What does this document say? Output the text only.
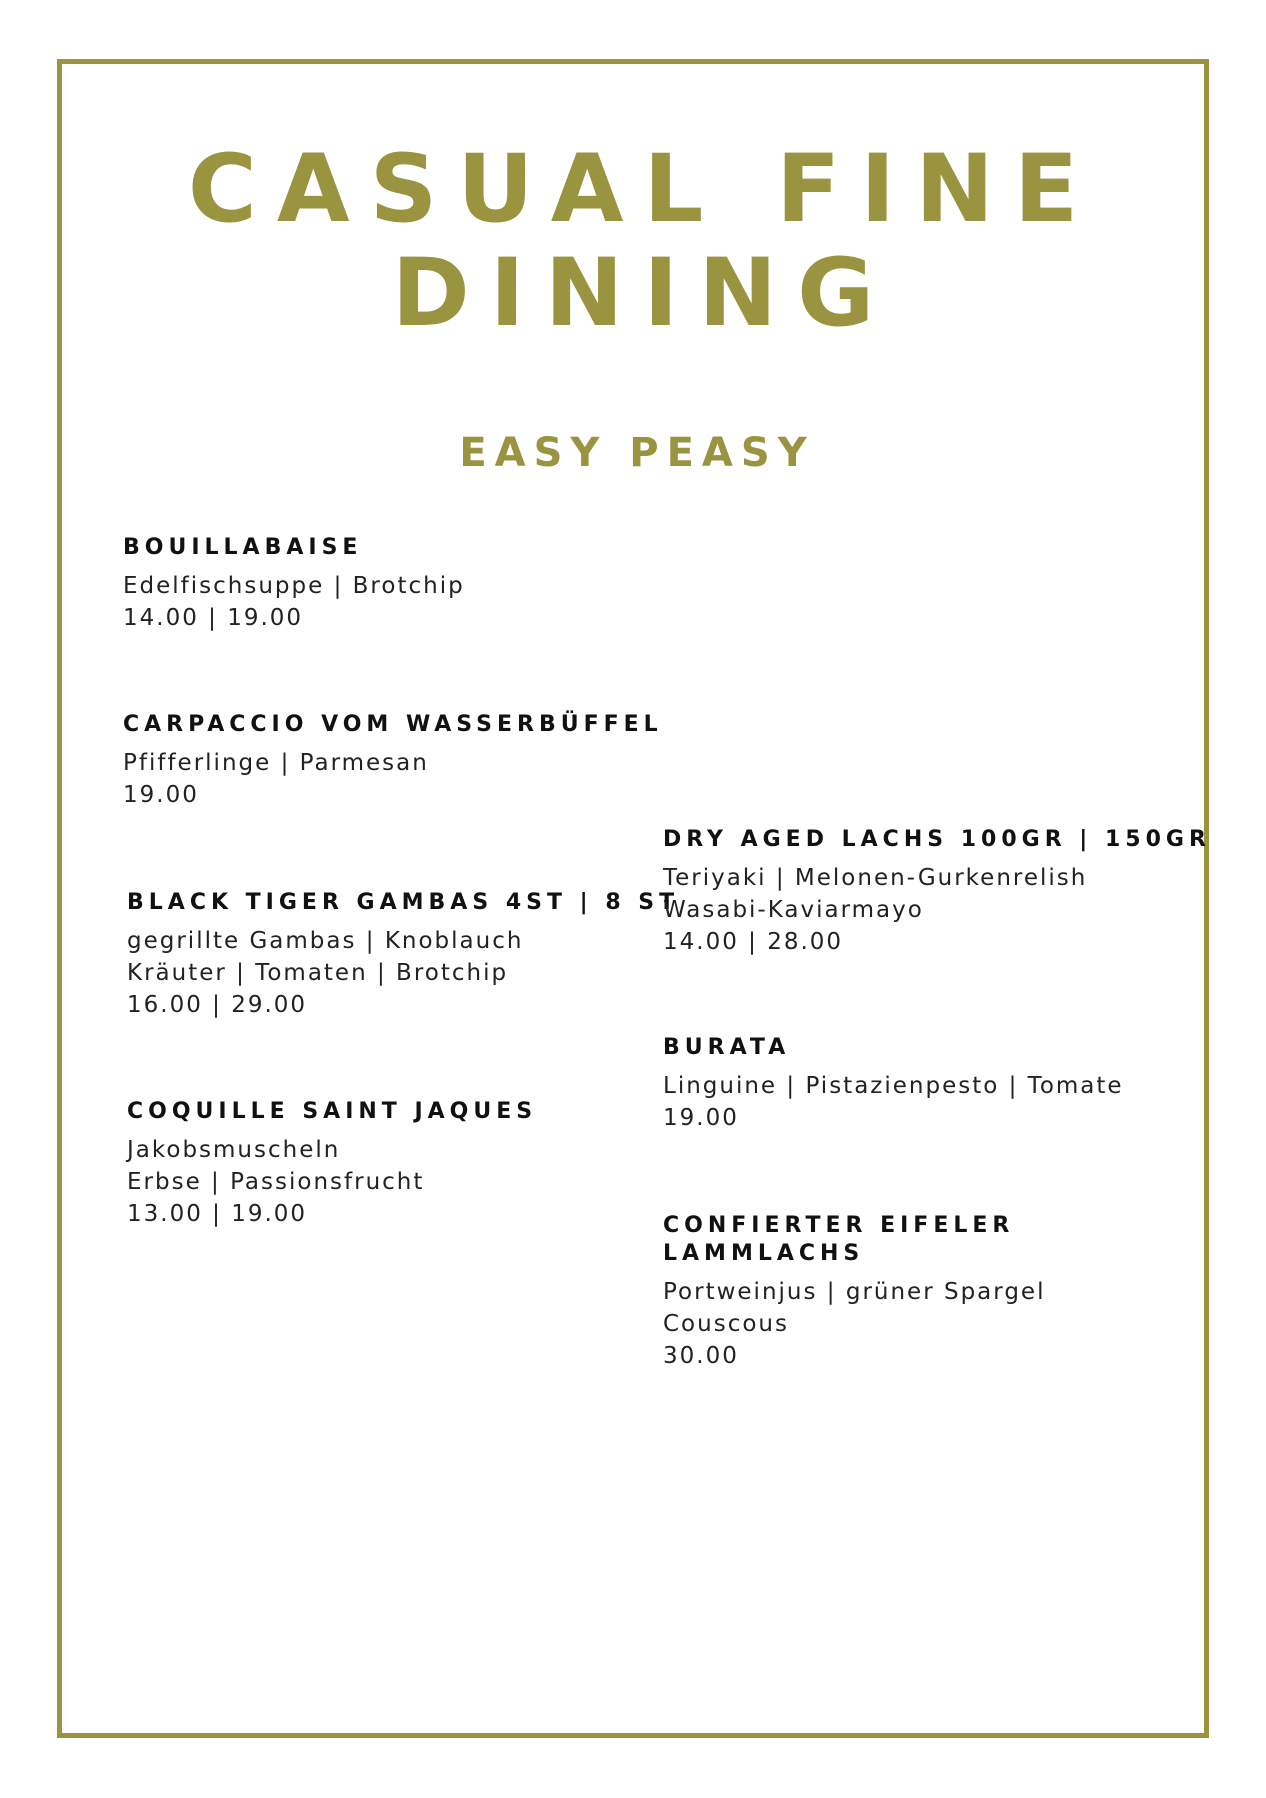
CASUAL FINE
DINING
EASY PEASY
BOUILLABAISE
Edelfischsuppe | Brotchip
14.00 | 19.00
CARPACCIO VOM WASSERBÜFFEL
Pfifferlinge | Parmesan
19.00
BLACK TIGER GAMBAS 4ST | 8 ST
gegrillte Gambas | Knoblauch
Kräuter | Tomaten | Brotchip
16.00 | 29.00
COQUILLE SAINT JAQUES
Jakobsmuscheln
Erbse | Passionsfrucht
13.00 | 19.00
DRY AGED LACHS 100GR | 150GR
Teriyaki | Melonen-Gurkenrelish
Wasabi-Kaviarmayo
14.00 | 28.00
BURATA
Linguine | Pistazienpesto | Tomate
19.00
CONFIERTER EIFELER
LAMMLACHS
Portweinjus | grüner Spargel
Couscous
30.00
